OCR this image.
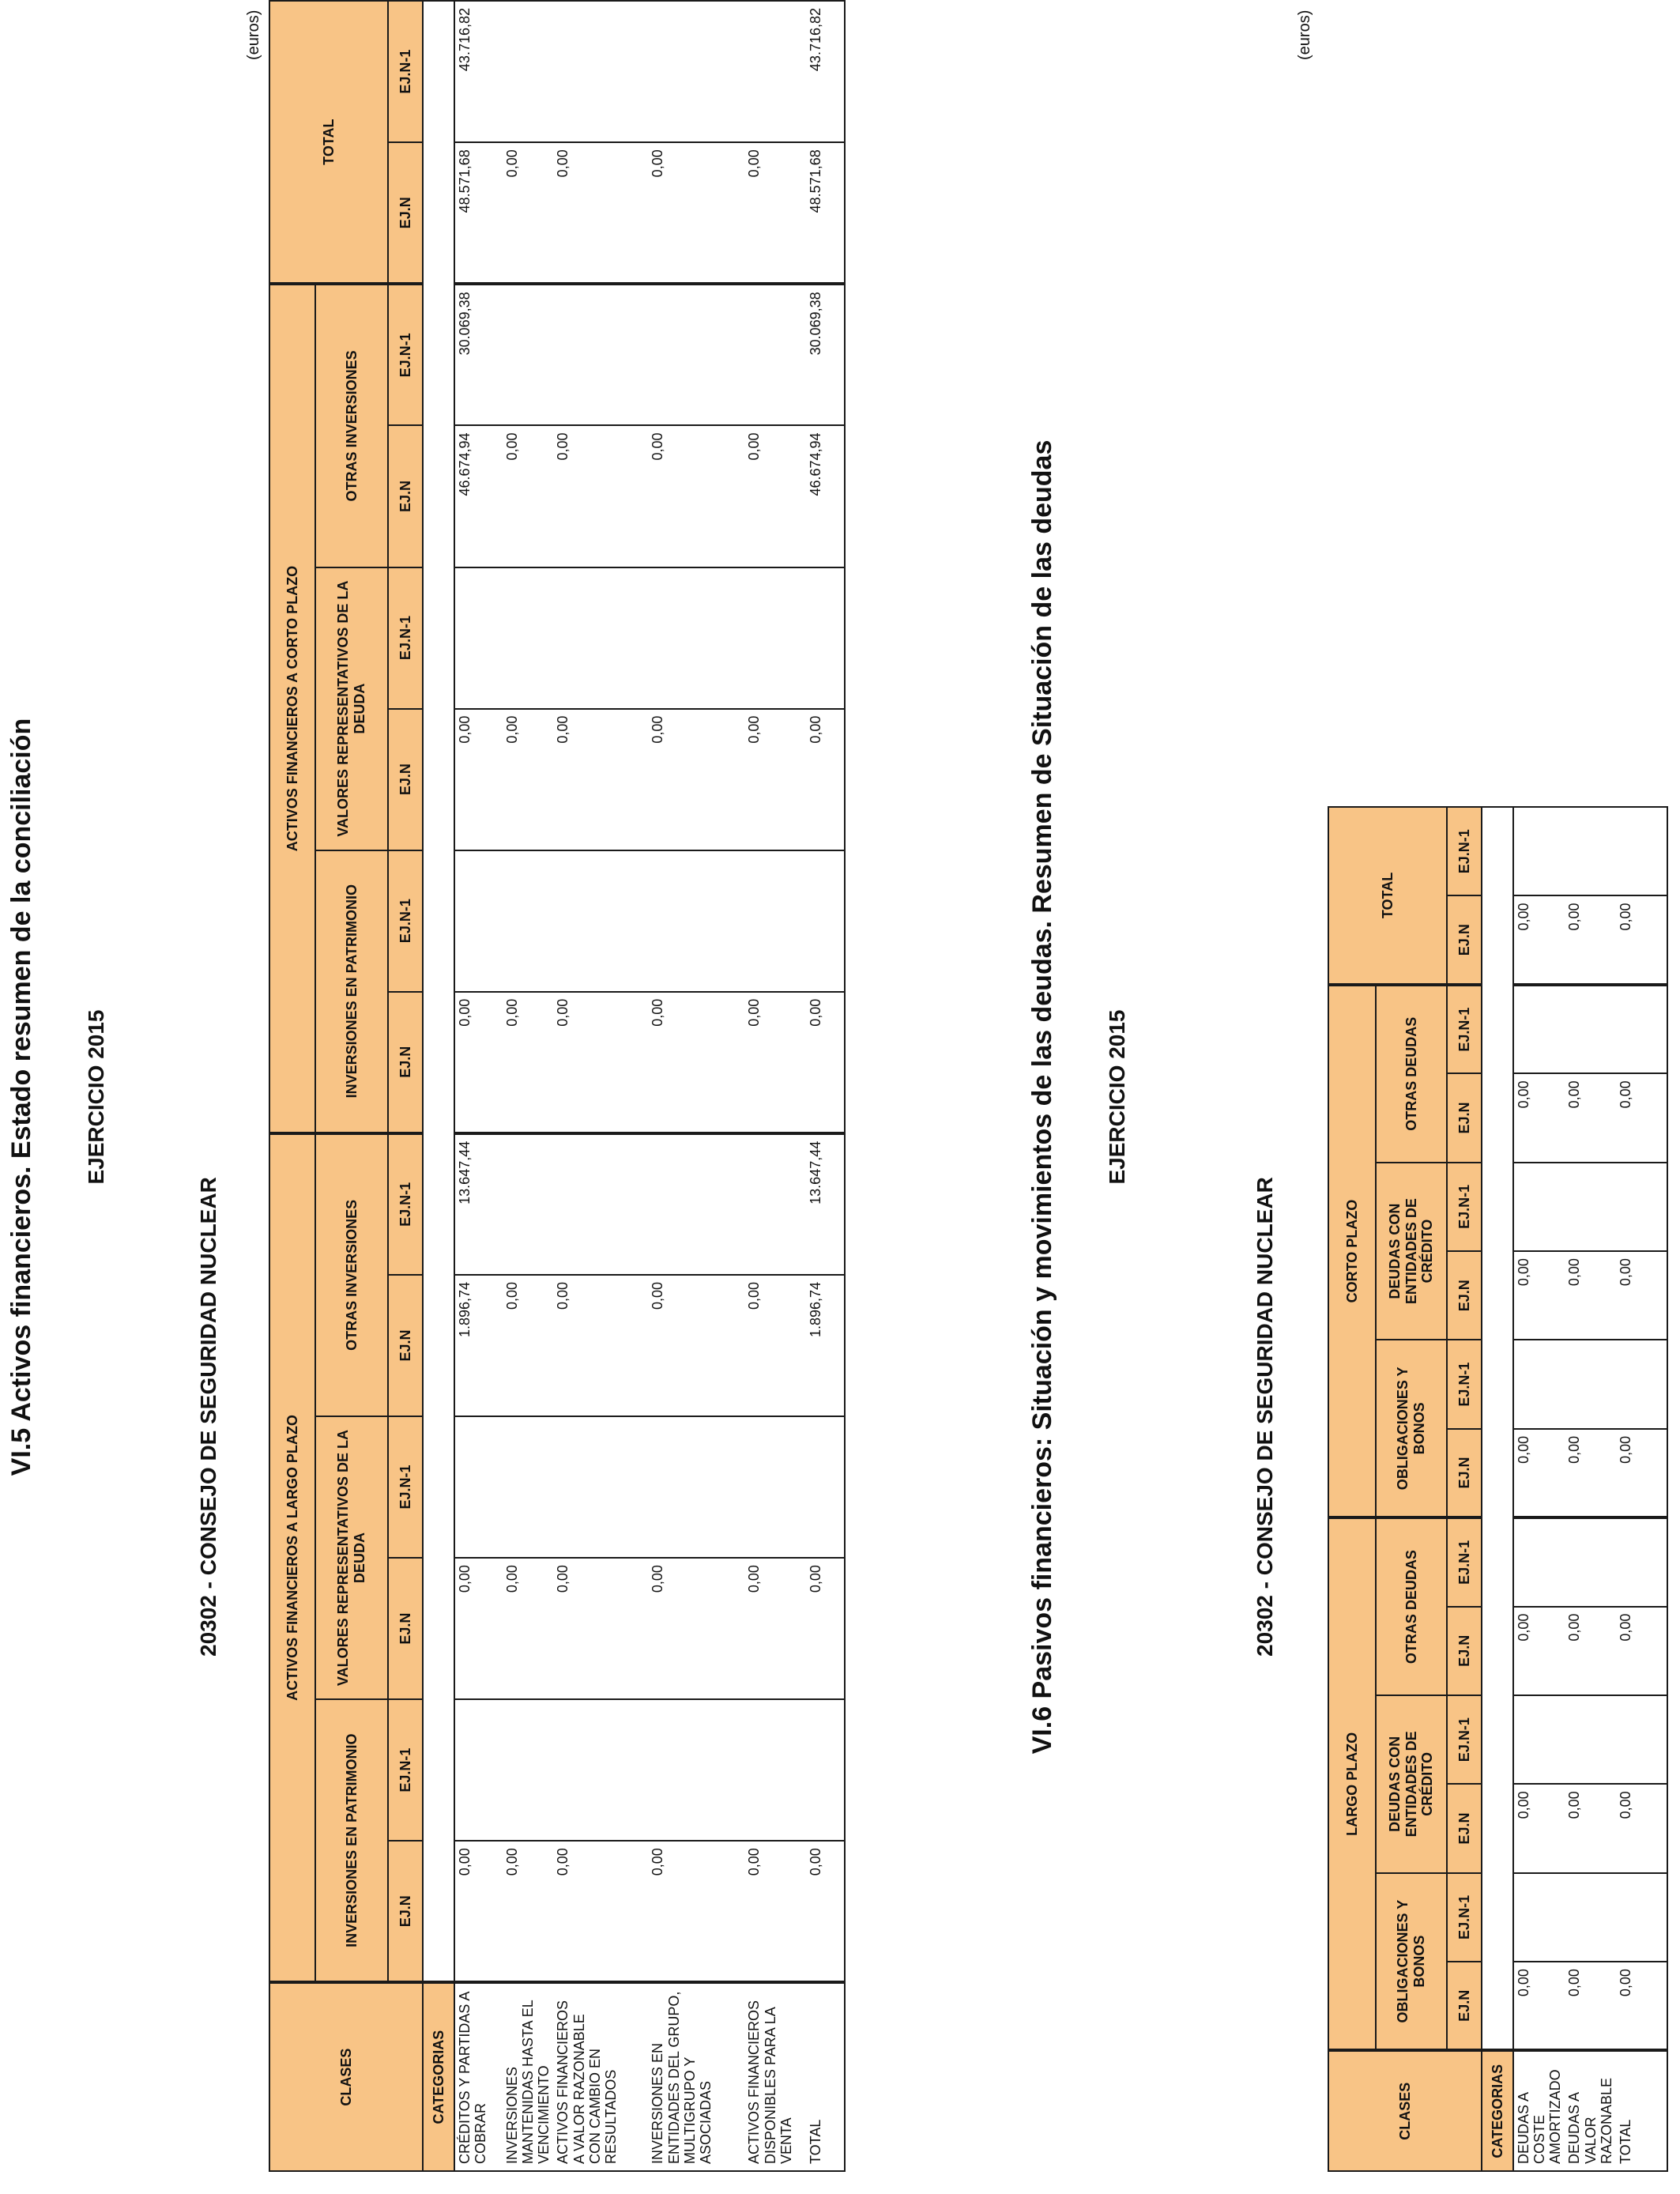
VI.5 Activos financieros. Estado resumen de la conciliación EJERCICIO 2015
20302 - CONSEJO DE SEGURIDAD NUCLEAR
(euros)
CLASES	ACTIVOS FINANCIEROS A LARGO PLAZO						ACTIVOS FINANCIEROS A CORTO PLAZO						TOTAL	
	INVERSIONES EN PATRIMONIO		VALORES REPRESENTATIVOS DE LA DEUDA		OTRAS INVERSIONES		INVERSIONES EN PATRIMONIO		VALORES REPRESENTATIVOS DE LA DEUDA		OTRAS INVERSIONES			
	EJ.N	EJ.N-1	EJ.N	EJ.N-1	EJ.N	EJ.N-1	EJ.N	EJ.N-1	EJ.N	EJ.N-1	EJ.N	EJ.N-1	EJ.N	EJ.N-1
CATEGORIAS														
CRÉDITOS Y PARTIDAS A COBRAR	0,00		0,00		1.896,74	13.647,44	0,00		0,00		46.674,94	30.069,38	48.571,68	43.716,82
INVERSIONES MANTENIDAS HASTA EL VENCIMIENTO	0,00		0,00		0,00		0,00		0,00		0,00		0,00	
ACTIVOS FINANCIEROS A VALOR RAZONABLE CON CAMBIO EN RESULTADOS	0,00		0,00		0,00		0,00		0,00		0,00		0,00	
INVERSIONES EN ENTIDADES DEL GRUPO, MULTIGRUPO Y ASOCIADAS	0,00		0,00		0,00		0,00		0,00		0,00		0,00	
ACTIVOS FINANCIEROS DISPONIBLES PARA LA VENTA	0,00		0,00		0,00		0,00		0,00		0,00		0,00	
TOTAL	0,00		0,00		1.896,74	13.647,44	0,00		0,00		46.674,94	30.069,38	48.571,68	43.716,82
VI.6 Pasivos financieros: Situación y movimientos de las deudas. Resumen de Situación de las deudas EJERCICIO 2015
20302 - CONSEJO DE SEGURIDAD NUCLEAR
(euros)
CLASES	LARGO PLAZO						CORTO PLAZO						TOTAL	
	OBLIGACIONES Y BONOS		DEUDAS CON ENTIDADES DE CRÉDITO		OTRAS DEUDAS		OBLIGACIONES Y BONOS		DEUDAS CON ENTIDADES DE CRÉDITO		OTRAS DEUDAS			
	EJ.N	EJ.N-1	EJ.N	EJ.N-1	EJ.N	EJ.N-1	EJ.N	EJ.N-1	EJ.N	EJ.N-1	EJ.N	EJ.N-1	EJ.N	EJ.N-1
CATEGORIAS														
DEUDAS A COSTE AMORTIZADO	0,00		0,00		0,00		0,00		0,00		0,00		0,00	
DEUDAS A VALOR RAZONABLE	0,00		0,00		0,00		0,00		0,00		0,00		0,00	
TOTAL	0,00		0,00		0,00		0,00		0,00		0,00		0,00	
